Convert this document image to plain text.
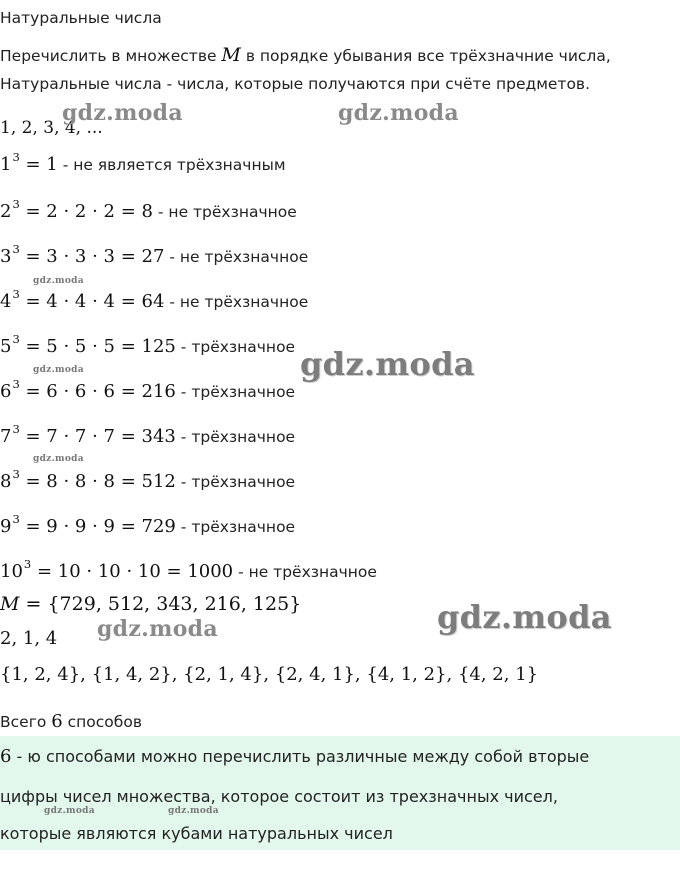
Натуральные числа
Перечислить в множестве M в порядке убывания все трёхзначние числа,
Натуральные числа - числа, которые получаются при счёте предметов.
1, 2, 3, 4, ...
$1^3 = 1$ - не является трёхзначным
$2^3 = 2 \cdot 2 \cdot 2 = 8$ - не трёхзначное
$3^3 = 3 \cdot 3 \cdot 3 = 27$ - не трёхзначное
$4^3 = 4 \cdot 4 \cdot 4 = 64$ - не трёхзначное
$5^3 = 5 \cdot 5 \cdot 5 = 125$ - трёхзначное
$6^3 = 6 \cdot 6 \cdot 6 = 216$ - трёхзначное
$7^3 = 7 \cdot 7 \cdot 7 = 343$ - трёхзначное
$8^3 = 8 \cdot 8 \cdot 8 = 512$ - трёхзначное
$9^3 = 9 \cdot 9 \cdot 9 = 729$ - трёхзначное
$10^3 = 10 \cdot 10 \cdot 10 = 1000$ - не трёхзначное
M = {729, 512, 343, 216, 125}
2, 1, 4
{1, 2, 4}, {1, 4, 2}, {2, 1, 4}, {2, 4, 1}, {4, 1, 2}, {4, 2, 1}
Всего 6 способов
6 - ю способами можно перечислить различные между собой вторые
цифры чисел множества, которое состоит из трехзначных чисел,
которые являются кубами натуральных чисел
gdz.moda	gdz.moda
gdz.moda
gdz.moda
gdz.moda
gdz.moda
gdz.moda	gdz.moda
gdz.moda	gdz.moda
